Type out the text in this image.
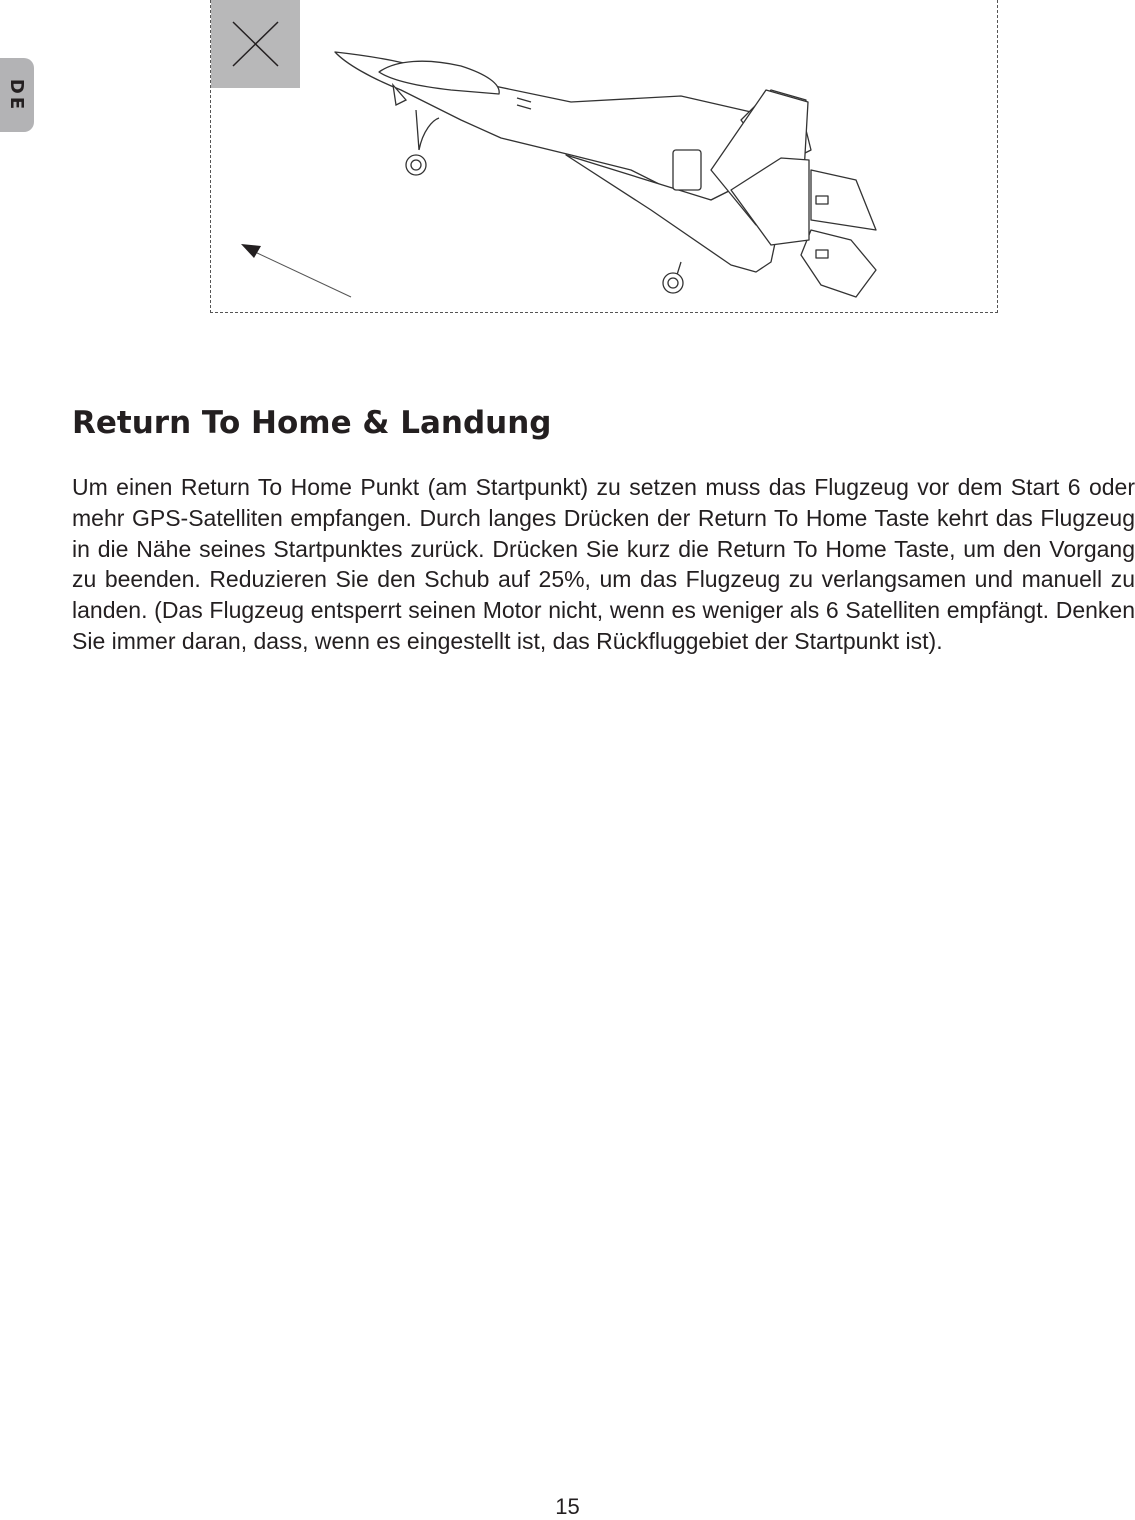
DE
Return To Home & Landung

Um einen Return To Home Punkt (am Startpunkt) zu setzen muss das Flugzeug vor dem Start 6 oder mehr GPS-Satelliten empfangen. Durch langes Drücken der Return To Home Taste kehrt das Flugzeug in die Nähe seines Startpunktes zurück. Drücken Sie kurz die Return To Home Taste, um den Vorgang zu beenden. Reduzieren Sie den Schub auf 25%, um das Flugzeug zu verlangsamen und manuell zu landen. (Das Flugzeug entsperrt seinen Motor nicht, wenn es weniger als 6 Satelliten empfängt. Denken Sie immer daran, dass, wenn es eingestellt ist, das Rückfluggebiet der Startpunkt ist).

15
